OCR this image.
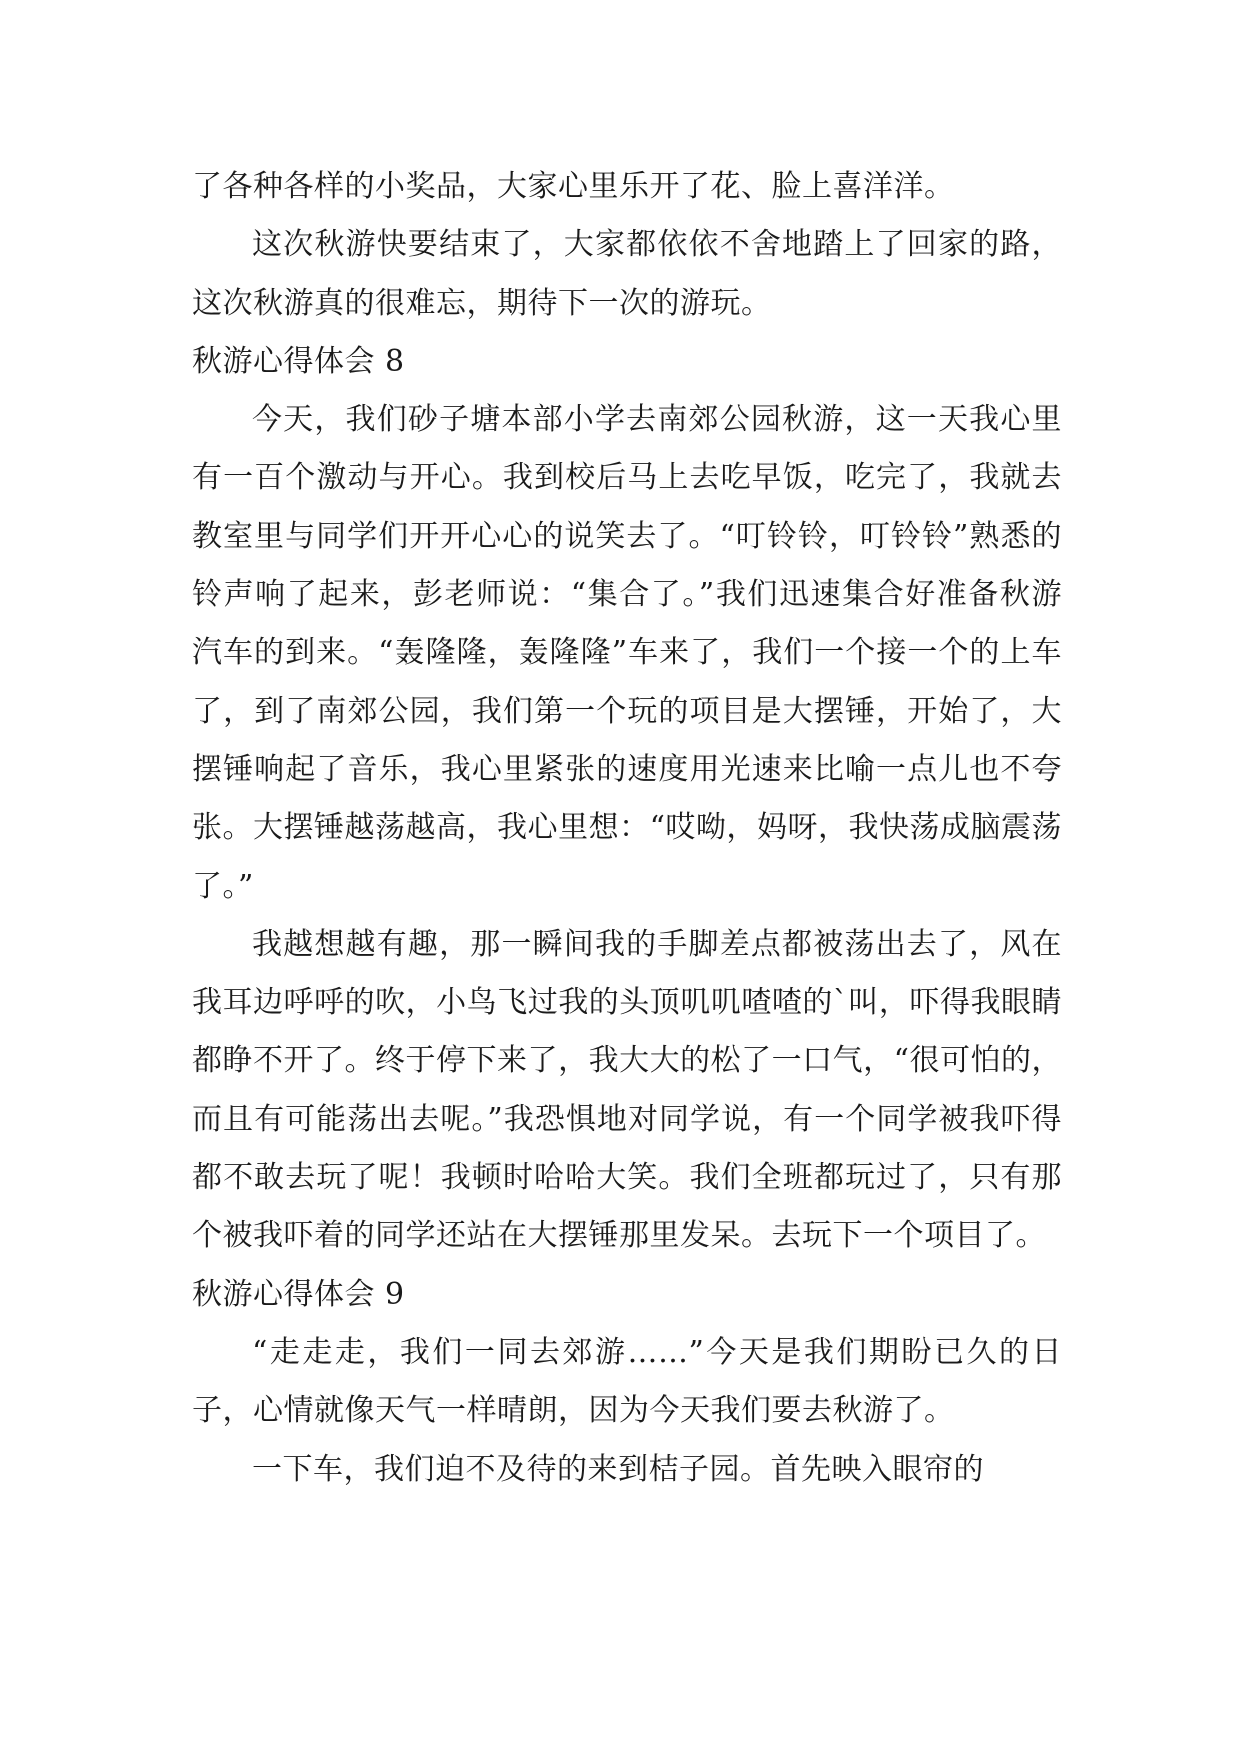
了各种各样的小奖品，大家心里乐开了花、脸上喜洋洋。

这次秋游快要结束了，大家都依依不舍地踏上了回家的路，这次秋游真的很难忘，期待下一次的游玩。

秋游心得体会 8

今天，我们砂子塘本部小学去南郊公园秋游，这一天我心里有一百个激动与开心。我到校后马上去吃早饭，吃完了，我就去教室里与同学们开开心心的说笑去了。“叮铃铃，叮铃铃”熟悉的铃声响了起来，彭老师说：“集合了。”我们迅速集合好准备秋游汽车的到来。“轰隆隆，轰隆隆”车来了，我们一个接一个的上车了，到了南郊公园，我们第一个玩的项目是大摆锤，开始了，大摆锤响起了音乐，我心里紧张的速度用光速来比喻一点儿也不夸张。大摆锤越荡越高，我心里想：“哎呦，妈呀，我快荡成脑震荡了。”

我越想越有趣，那一瞬间我的手脚差点都被荡出去了，风在我耳边呼呼的吹，小鸟飞过我的头顶叽叽喳喳的`叫，吓得我眼睛都睁不开了。终于停下来了，我大大的松了一口气，“很可怕的，而且有可能荡出去呢。”我恐惧地对同学说，有一个同学被我吓得都不敢去玩了呢！我顿时哈哈大笑。我们全班都玩过了，只有那个被我吓着的同学还站在大摆锤那里发呆。去玩下一个项目了。

秋游心得体会 9

“走走走，我们一同去郊游……”今天是我们期盼已久的日子，心情就像天气一样晴朗，因为今天我们要去秋游了。

一下车，我们迫不及待的来到桔子园。首先映入眼帘的
